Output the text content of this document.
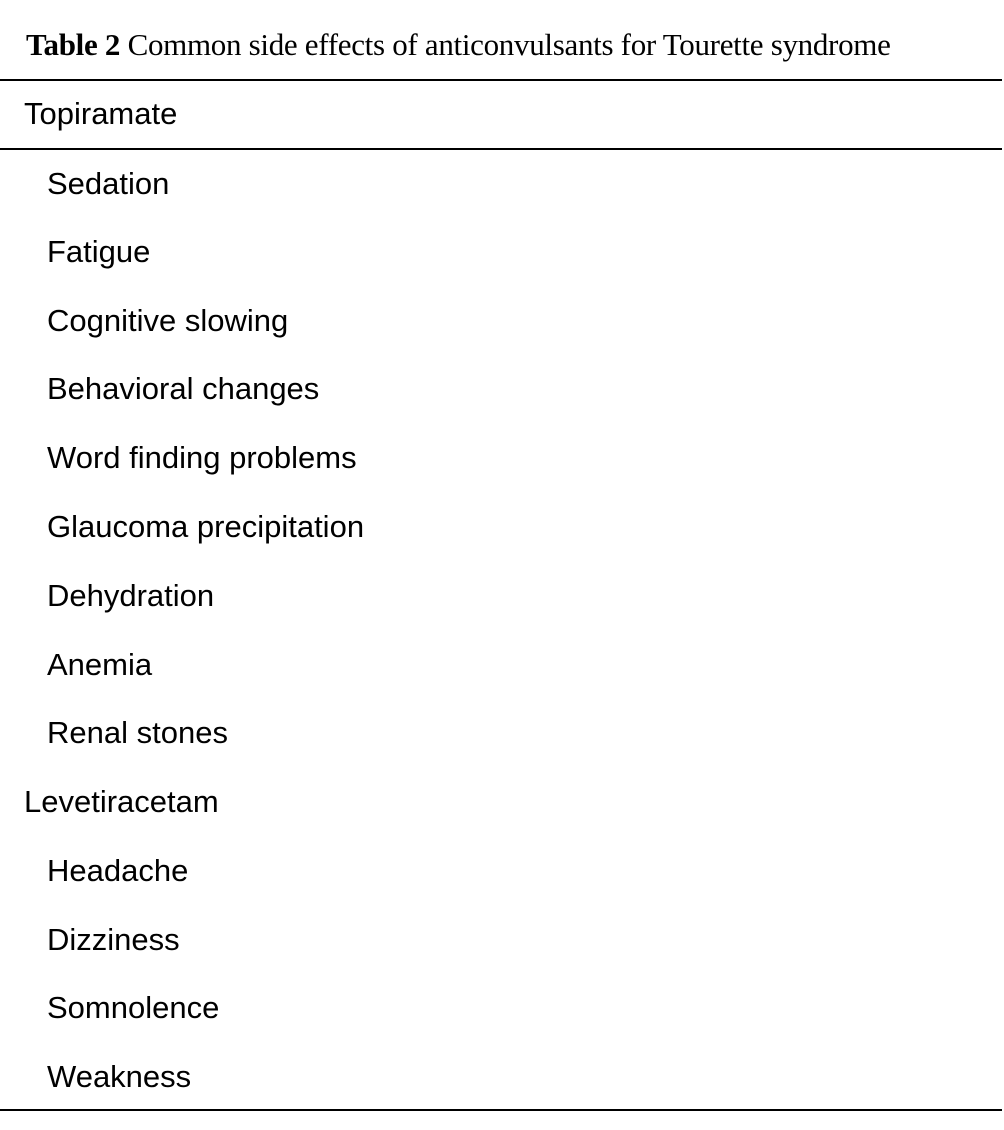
Table 2 Common side effects of anticonvulsants for Tourette syndrome
Topiramate
Sedation
Fatigue
Cognitive slowing
Behavioral changes
Word finding problems
Glaucoma precipitation
Dehydration
Anemia
Renal stones
Levetiracetam
Headache
Dizziness
Somnolence
Weakness
